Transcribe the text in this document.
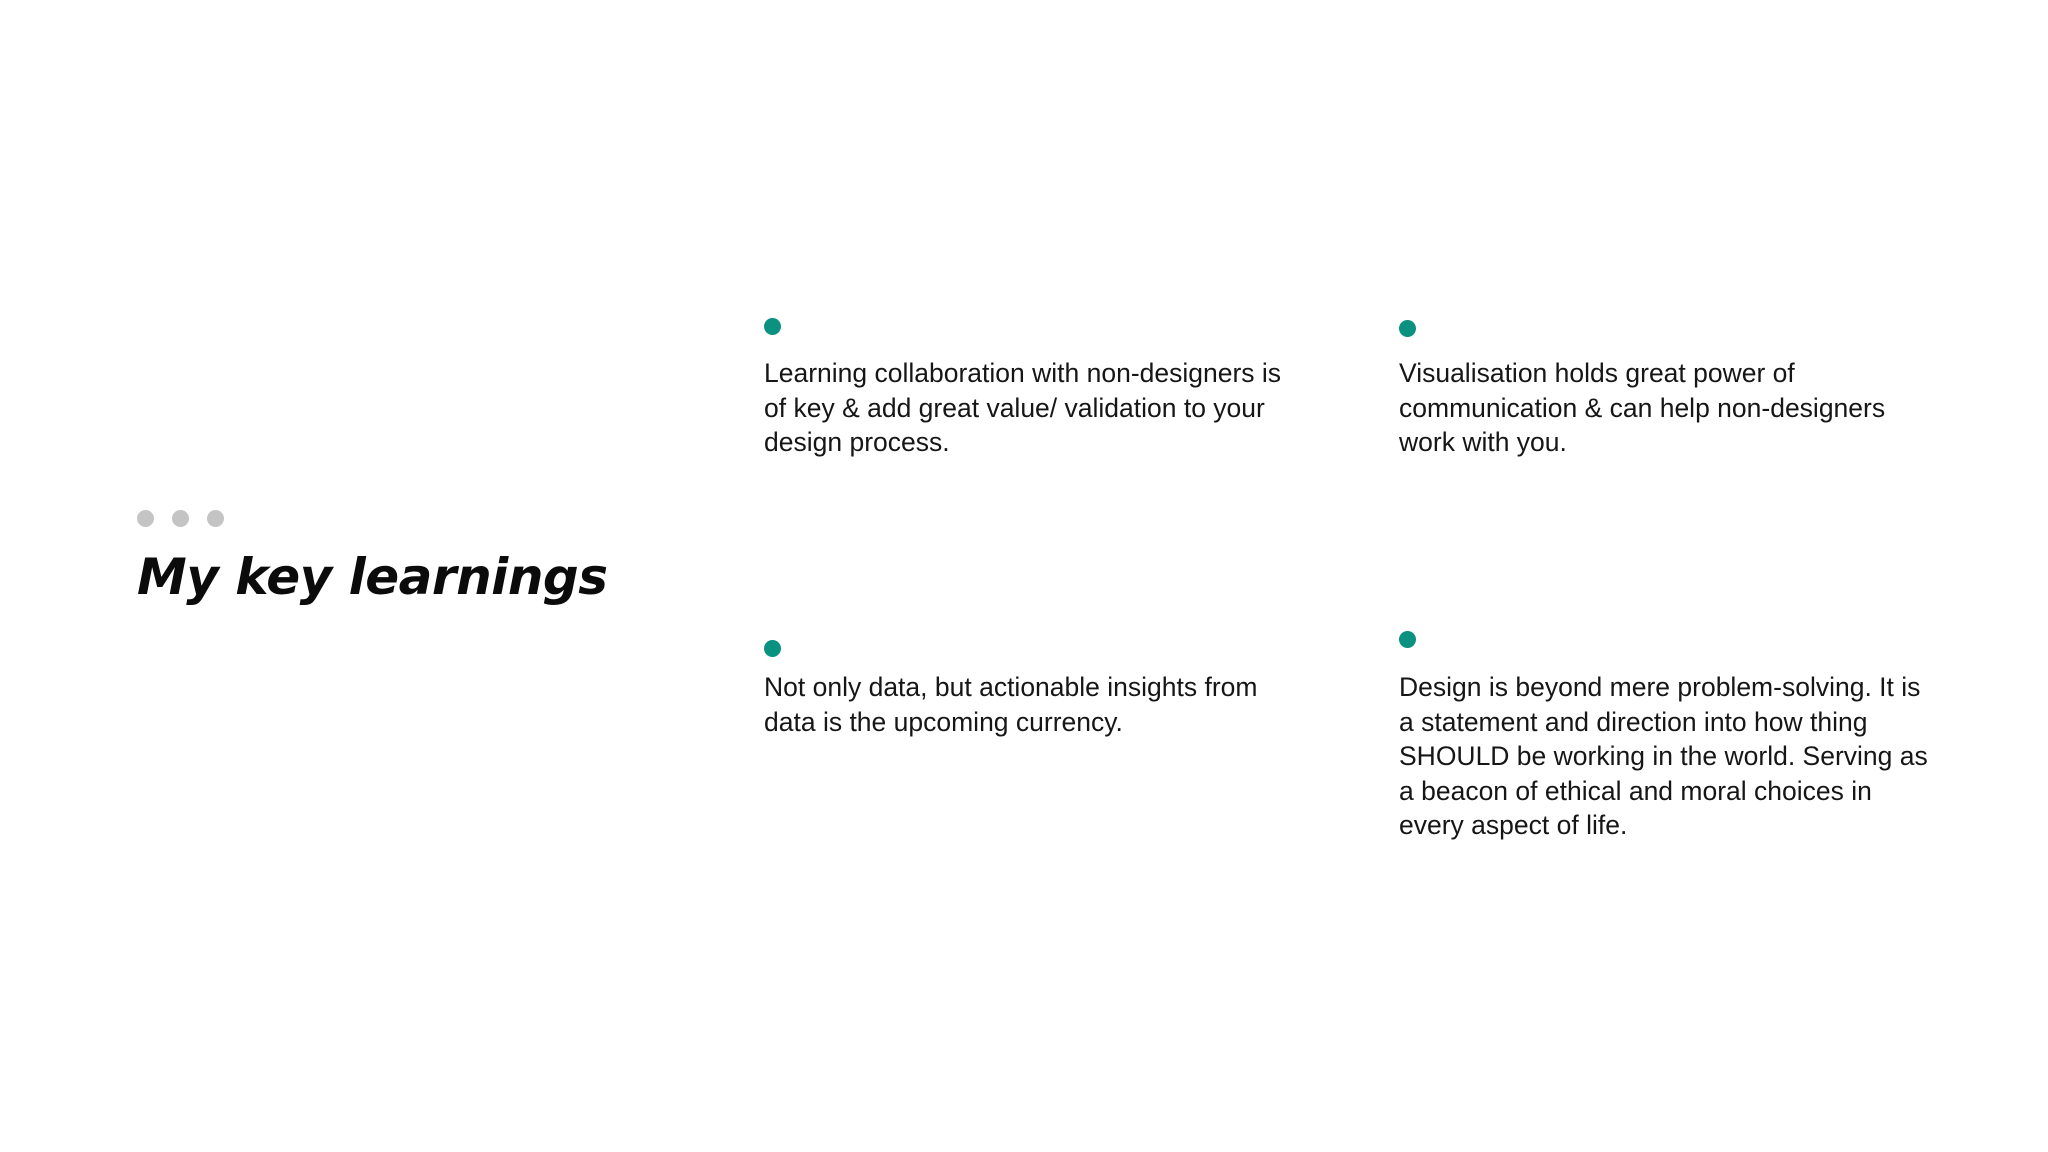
My key learnings

Learning collaboration with non-designers is of key & add great value/ validation to your design process.

Visualisation holds great power of communication & can help non-designers work with you.

Not only data, but actionable insights from data is the upcoming currency.

Design is beyond mere problem-solving. It is a statement and direction into how thing SHOULD be working in the world. Serving as a beacon of ethical and moral choices in every aspect of life.
